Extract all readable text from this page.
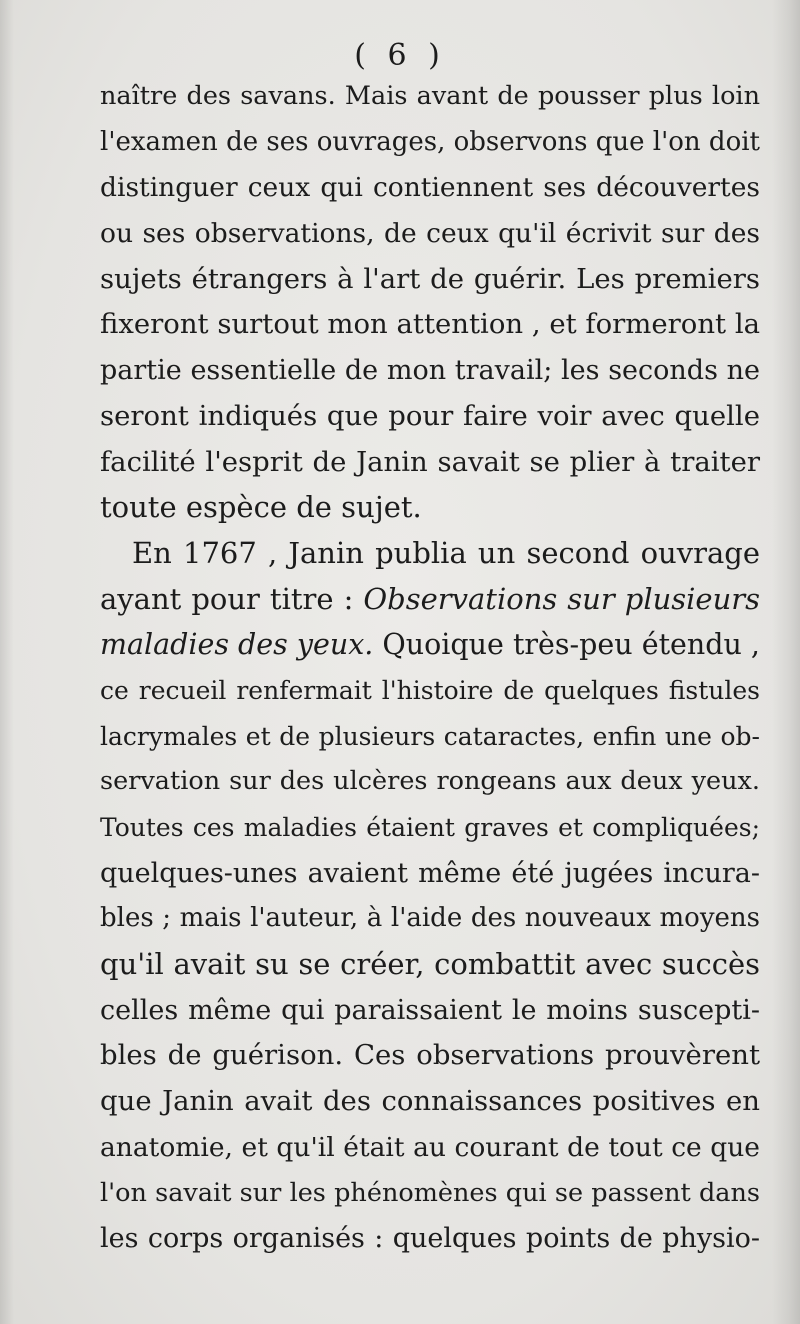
( 6 )
naître des savans. Mais avant de pousser plus loin
l'examen de ses ouvrages, observons que l'on doit
distinguer ceux qui contiennent ses découvertes
ou ses observations, de ceux qu'il écrivit sur des
sujets étrangers à l'art de guérir. Les premiers
fixeront surtout mon attention , et formeront la
partie essentielle de mon travail; les seconds ne
seront indiqués que pour faire voir avec quelle
facilité l'esprit de Janin savait se plier à traiter
toute espèce de sujet.
En 1767 , Janin publia un second ouvrage
ayant pour titre : Observations sur plusieurs
maladies des yeux. Quoique très-peu étendu ,
ce recueil renfermait l'histoire de quelques fistules
lacrymales et de plusieurs cataractes, enfin une ob-
servation sur des ulcères rongeans aux deux yeux.
Toutes ces maladies étaient graves et compliquées;
quelques-unes avaient même été jugées incura-
bles ; mais l'auteur, à l'aide des nouveaux moyens
qu'il avait su se créer, combattit avec succès
celles même qui paraissaient le moins suscepti-
bles de guérison. Ces observations prouvèrent
que Janin avait des connaissances positives en
anatomie, et qu'il était au courant de tout ce que
l'on savait sur les phénomènes qui se passent dans
les corps organisés : quelques points de physio-
